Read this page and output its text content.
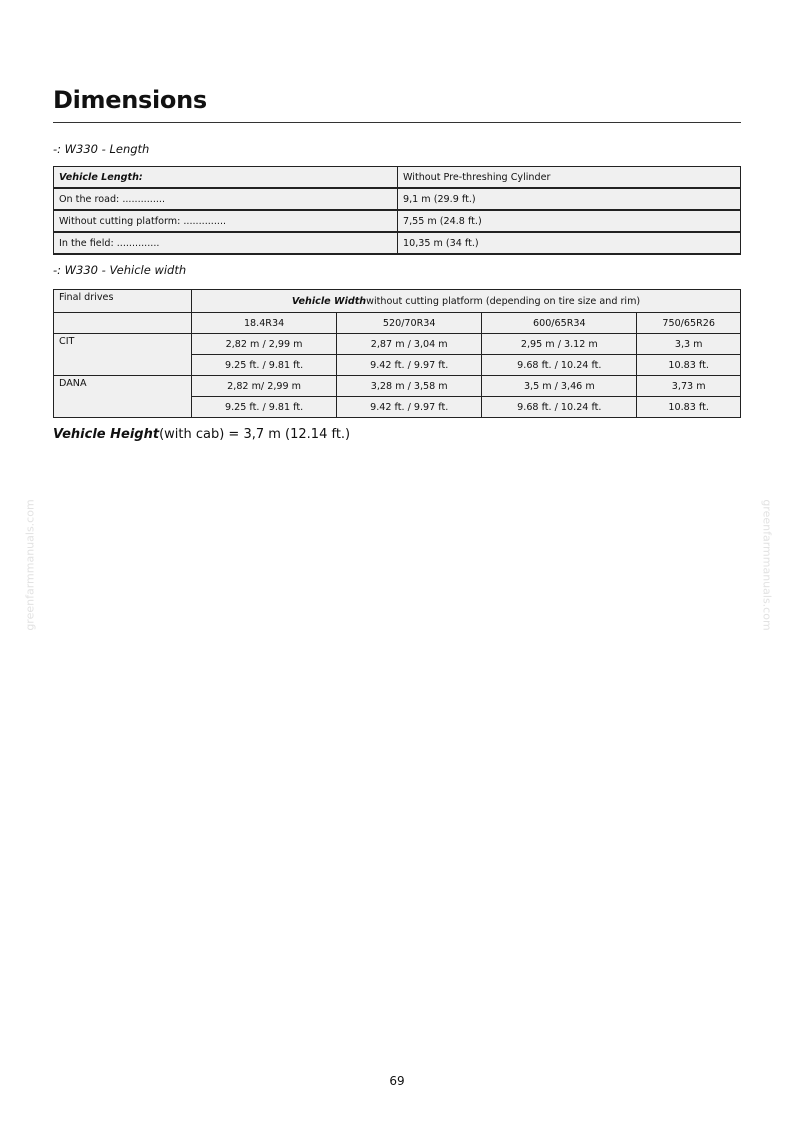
Dimensions

-: W330 - Length

Vehicle Length:	Without Pre-threshing Cylinder
On the road: ..............	9,1 m (29.9 ft.)
Without cutting platform: ..............	7,55 m (24.8 ft.)
In the field: ..............	10,35 m (34 ft.)

-: W330 - Vehicle width

Final drives	Vehicle Widthwithout cutting platform (depending on tire size and rim)			
	18.4R34	520/70R34	600/65R34	750/65R26
CIT	2,82 m / 2,99 m	2,87 m / 3,04 m	2,95 m / 3.12 m	3,3 m
	9.25 ft. / 9.81 ft.	9.42 ft. / 9.97 ft.	9.68 ft. / 10.24 ft.	10.83 ft.
DANA	2,82 m/ 2,99 m	3,28 m / 3,58 m	3,5 m / 3,46 m	3,73 m
	9.25 ft. / 9.81 ft.	9.42 ft. / 9.97 ft.	9.68 ft. / 10.24 ft.	10.83 ft.

Vehicle Height(with cab) = 3,7 m (12.14 ft.)

greenfarmmanuals.com	greenfarmmanuals.com
69
